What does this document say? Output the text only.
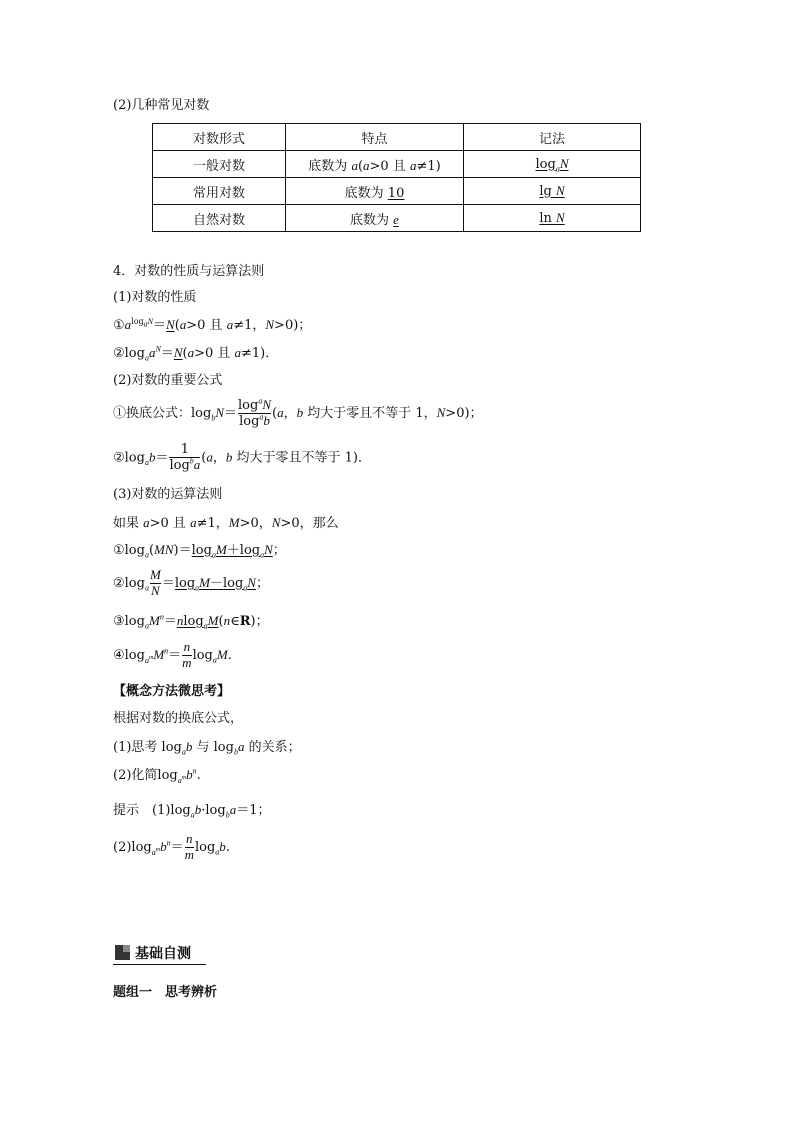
(2)几种常见对数
对数形式	特点	记法
一般对数	底数为 a(a>0 且 a≠1)	$\log_aN$
常用对数	底数为 10	lg N
自然对数	底数为 e	ln N
4．对数的性质与运算法则
(1)对数的性质
$①a^{log_aN}=N(a>0$ 且 a≠1，N>0)；
$②\log_aa^N=N(a>0$ 且 a≠1)．
(2)对数的重要公式
①换底公式：$\log_bN= \frac{\log^aN}{\log^ab} (a$，b 均大于零且不等于 1，N>0)；
$②\log_ab= \frac{1}{\log^ba} (a$，b 均大于零且不等于 1)．
(3)对数的运算法则
如果 a>0 且 a≠1，M>0，N>0，那么
$①\log_a(MN)=\log_aM+\log_aN$；
$②\log_a \frac{M}{N} =\log_aM-\log_aN$；
$③\log_aM^n=nlog_aM(n\in R)$；
$④\log_{a^m}M^n= \frac{n}{m} \log_aM$.
【概念方法微思考】
根据对数的换底公式，
(1)思考 $\log_ab$ 与 $\log_ba$ 的关系；
(2)化简$\log_{a^m}b^n$.
提示　$(1)\log_ab\cdot\log_ba=1$；
$(2)\log_{a^m}b^n= \frac{n}{m} \log_ab$.
基础自测
题组一　思考辨析
